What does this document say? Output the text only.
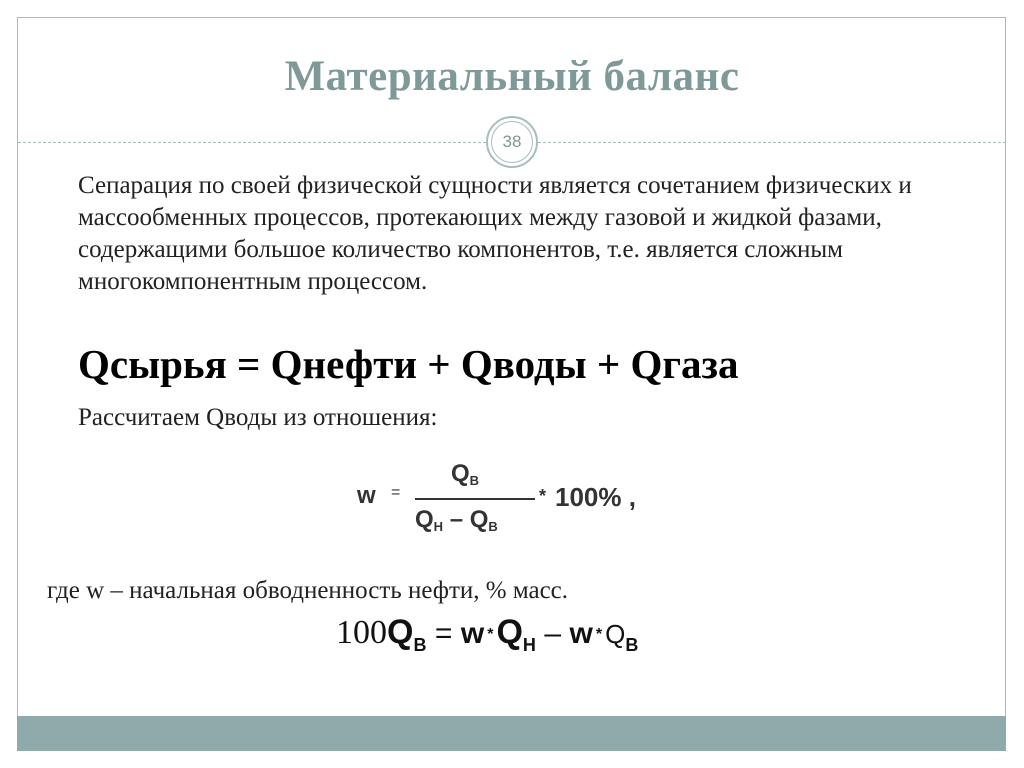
Материальный баланс
38
Сепарация по своей физической сущности является сочетанием физических и массообменных процессов, протекающих между газовой и жидкой фазами, содержащими большое количество компонентов, т.е. является сложным многокомпонентным процессом.
Qсырья = Qнефти + Qводы + Qгаза
Рассчитаем Qводы из отношения:
w =
$Q_В$
$Q_Н - Q_В$
* 100% ,
где w – начальная обводненность нефти, % масс.
100QВ = w *QН – w * QВ
